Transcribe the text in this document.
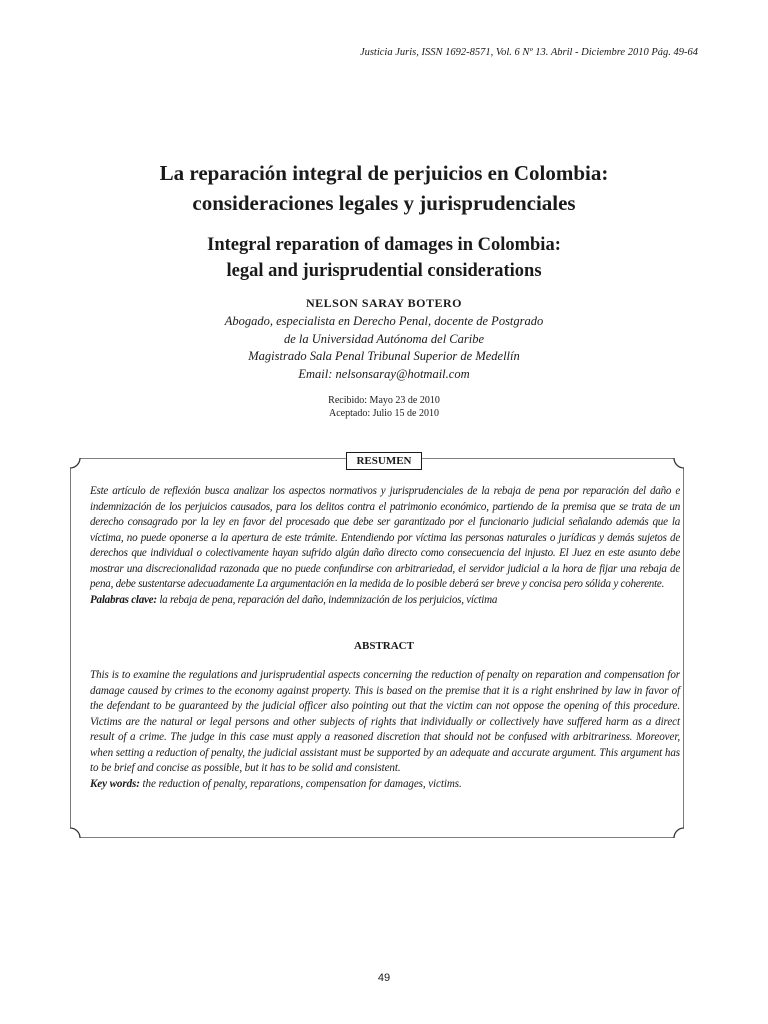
Justicia Juris, ISSN 1692-8571, Vol. 6 Nº 13. Abril - Diciembre 2010 Pág. 49-64
La reparación integral de perjuicios en Colombia:
consideraciones legales y jurisprudenciales
Integral reparation of damages in Colombia:
legal and jurisprudential considerations
NELSON SARAY BOTERO
Abogado, especialista en Derecho Penal, docente de Postgrado
de la Universidad Autónoma del Caribe
Magistrado Sala Penal Tribunal Superior de Medellín
Email: nelsonsaray@hotmail.com
Recibido: Mayo 23 de 2010
Aceptado: Julio 15 de 2010
RESUMEN

Este artículo de reflexión busca analizar los aspectos normativos y jurisprudenciales de la rebaja de pena por reparación del daño e indemnización de los perjuicios causados, para los delitos contra el patrimonio económico, partiendo de la premisa que se trata de un derecho consagrado por la ley en favor del procesado que debe ser garantizado por el funcionario judicial señalando además que la víctima, no puede oponerse a la apertura de este trámite. Entendiendo por víctima las personas naturales o jurídicas y demás sujetos de derechos que individual o colectivamente hayan sufrido algún daño directo como consecuencia del injusto. El Juez en este asunto debe mostrar una discrecionalidad razonada que no puede confundirse con arbitrariedad, el servidor judicial a la hora de fijar una rebaja de pena, debe sustentarse adecuadamente La argumentación en la medida de lo posible deberá ser breve y concisa pero sólida y coherente.
Palabras clave: la rebaja de pena, reparación del daño, indemnización de los perjuicios, víctima

ABSTRACT

This is to examine the regulations and jurisprudential aspects concerning the reduction of penalty on reparation and compensation for damage caused by crimes to the economy against property. This is based on the premise that it is a right enshrined by law in favor of the defendant to be guaranteed by the judicial officer also pointing out that the victim can not oppose the opening of this procedure. Victims are the natural or legal persons and other subjects of rights that individually or collectively have suffered harm as a direct result of a crime. The judge in this case must apply a reasoned discretion that should not be confused with arbitrariness. Moreover, when setting a reduction of penalty, the judicial assistant must be supported by an adequate and accurate argument. This argument has to be brief and concise as possible, but it has to be solid and consistent.
Key words: the reduction of penalty, reparations, compensation for damages, victims.

49
